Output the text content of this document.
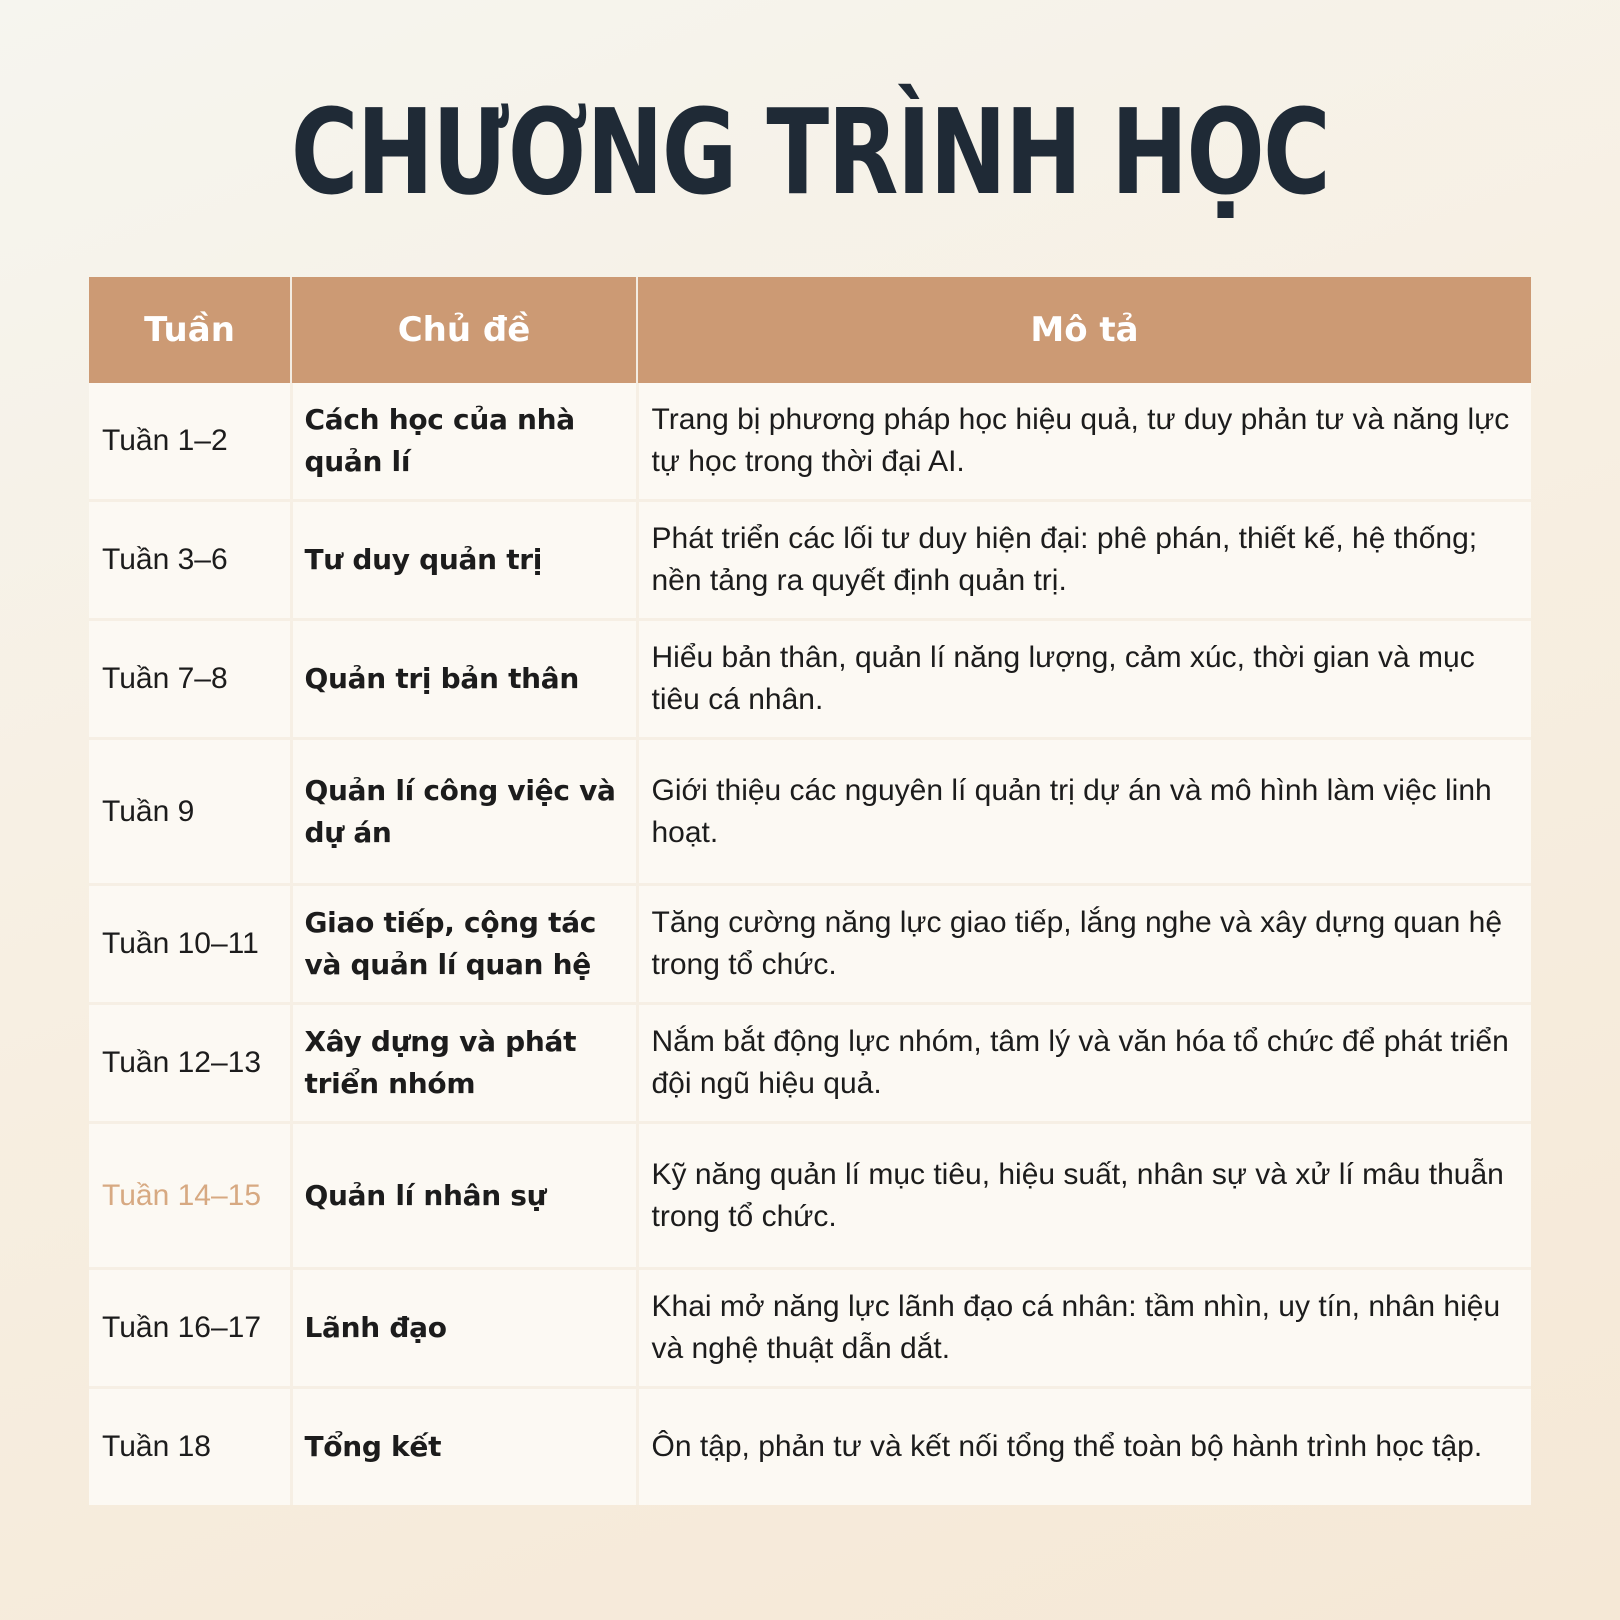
CHƯƠNG TRÌNH HỌC
Tuần	Chủ đề	Mô tả
Tuần 1–2	Cách học của nhà quản lí	Trang bị phương pháp học hiệu quả, tư duy phản tư và năng lực tự học trong thời đại AI.
Tuần 3–6	Tư duy quản trị	Phát triển các lối tư duy hiện đại: phê phán, thiết kế, hệ thống; nền tảng ra quyết định quản trị.
Tuần 7–8	Quản trị bản thân	Hiểu bản thân, quản lí năng lượng, cảm xúc, thời gian và mục tiêu cá nhân.
Tuần 9	Quản lí công việc và dự án	Giới thiệu các nguyên lí quản trị dự án và mô hình làm việc linh hoạt.
Tuần 10–11	Giao tiếp, cộng tác và quản lí quan hệ	Tăng cường năng lực giao tiếp, lắng nghe và xây dựng quan hệ trong tổ chức.
Tuần 12–13	Xây dựng và phát triển nhóm	Nắm bắt động lực nhóm, tâm lý và văn hóa tổ chức để phát triển đội ngũ hiệu quả.
Tuần 14–15	Quản lí nhân sự	Kỹ năng quản lí mục tiêu, hiệu suất, nhân sự và xử lí mâu thuẫn trong tổ chức.
Tuần 16–17	Lãnh đạo	Khai mở năng lực lãnh đạo cá nhân: tầm nhìn, uy tín, nhân hiệu và nghệ thuật dẫn dắt.
Tuần 18	Tổng kết	Ôn tập, phản tư và kết nối tổng thể toàn bộ hành trình học tập.
